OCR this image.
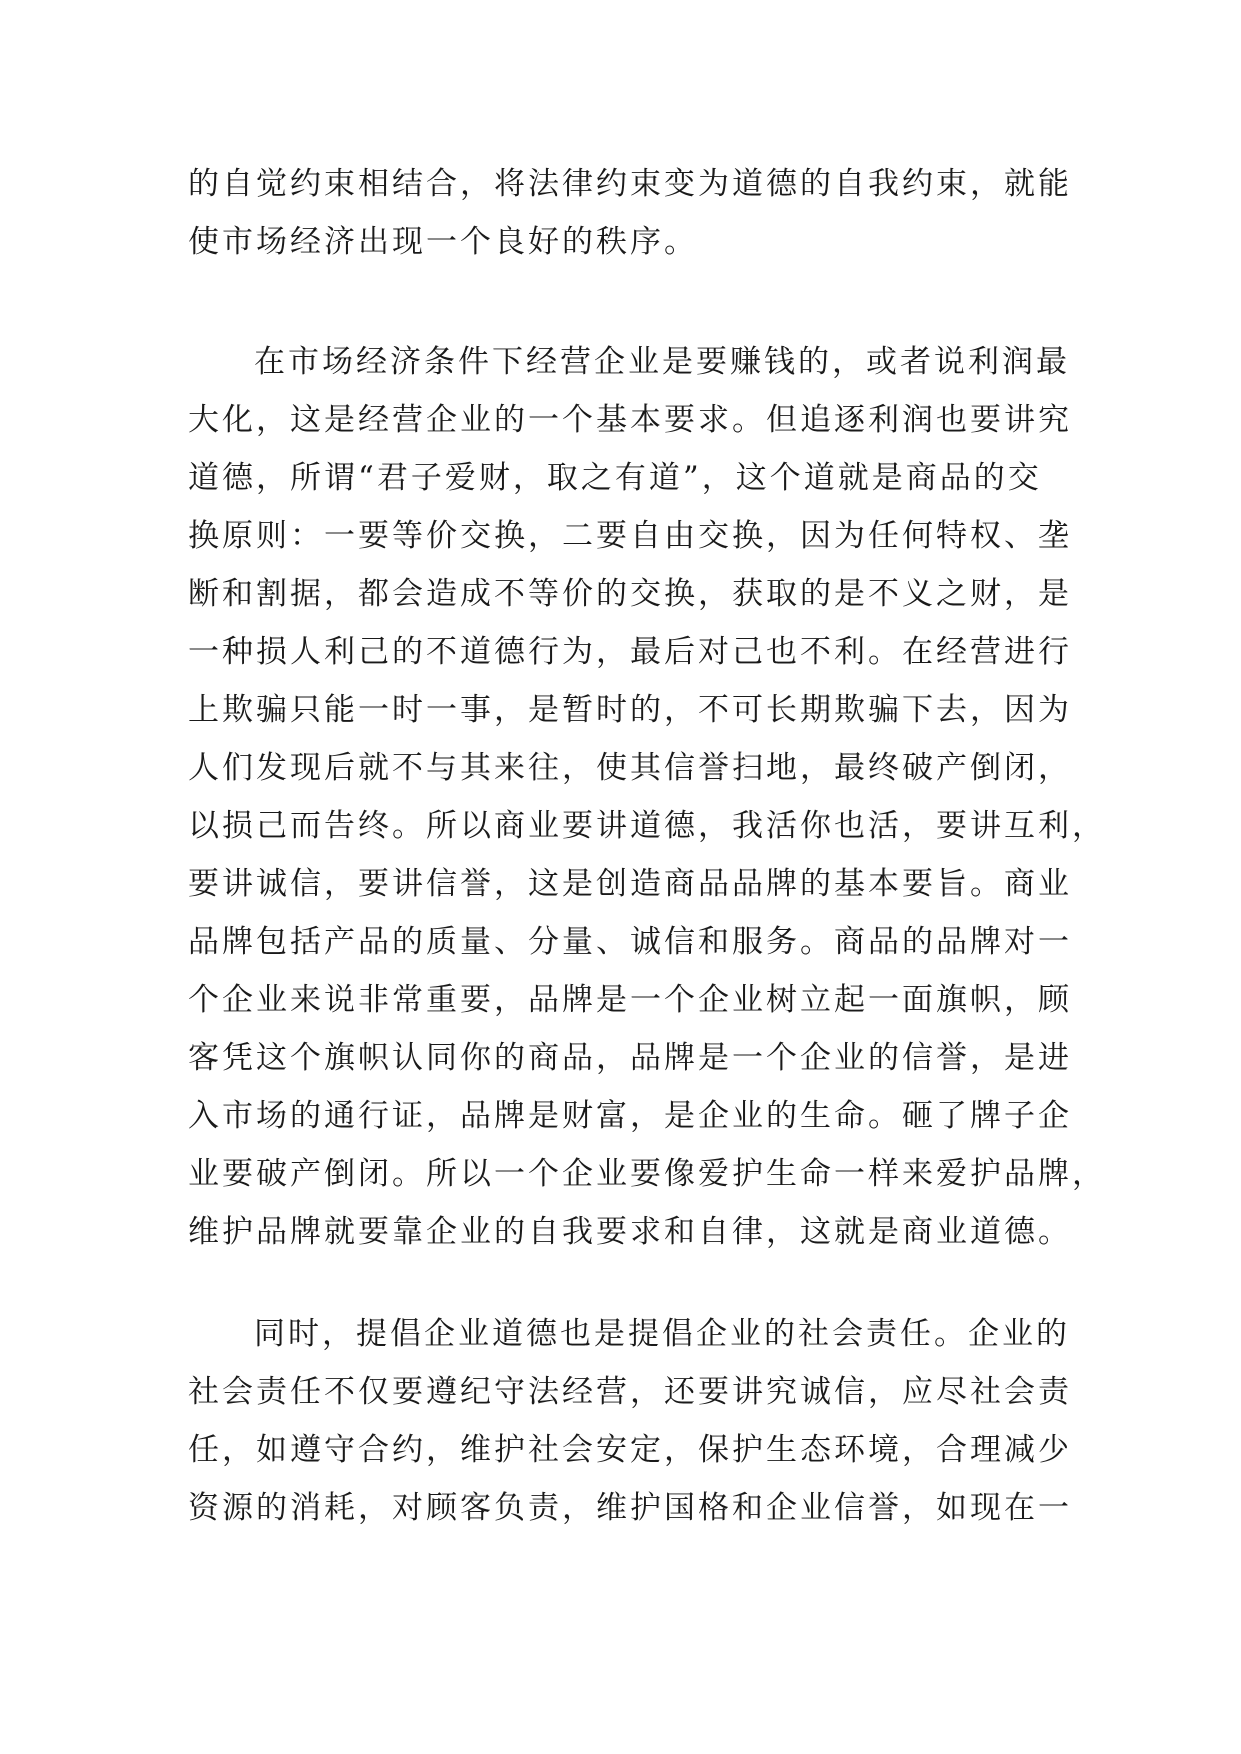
的自觉约束相结合，将法律约束变为道德的自我约束，就能
使市场经济出现一个良好的秩序。

在市场经济条件下经营企业是要赚钱的，或者说利润最
大化，这是经营企业的一个基本要求。但追逐利润也要讲究
道德，所谓“君子爱财，取之有道”，这个道就是商品的交
换原则：一要等价交换，二要自由交换，因为任何特权、垄
断和割据，都会造成不等价的交换，获取的是不义之财，是
一种损人利己的不道德行为，最后对己也不利。在经营进行
上欺骗只能一时一事，是暂时的，不可长期欺骗下去，因为
人们发现后就不与其来往，使其信誉扫地，最终破产倒闭，
以损己而告终。所以商业要讲道德，我活你也活，要讲互利，
要讲诚信，要讲信誉，这是创造商品品牌的基本要旨。商业
品牌包括产品的质量、分量、诚信和服务。商品的品牌对一
个企业来说非常重要，品牌是一个企业树立起一面旗帜，顾
客凭这个旗帜认同你的商品，品牌是一个企业的信誉，是进
入市场的通行证，品牌是财富，是企业的生命。砸了牌子企
业要破产倒闭。所以一个企业要像爱护生命一样来爱护品牌，
维护品牌就要靠企业的自我要求和自律，这就是商业道德。

同时，提倡企业道德也是提倡企业的社会责任。企业的
社会责任不仅要遵纪守法经营，还要讲究诚信，应尽社会责
任，如遵守合约，维护社会安定，保护生态环境，合理减少
资源的消耗，对顾客负责，维护国格和企业信誉，如现在一
